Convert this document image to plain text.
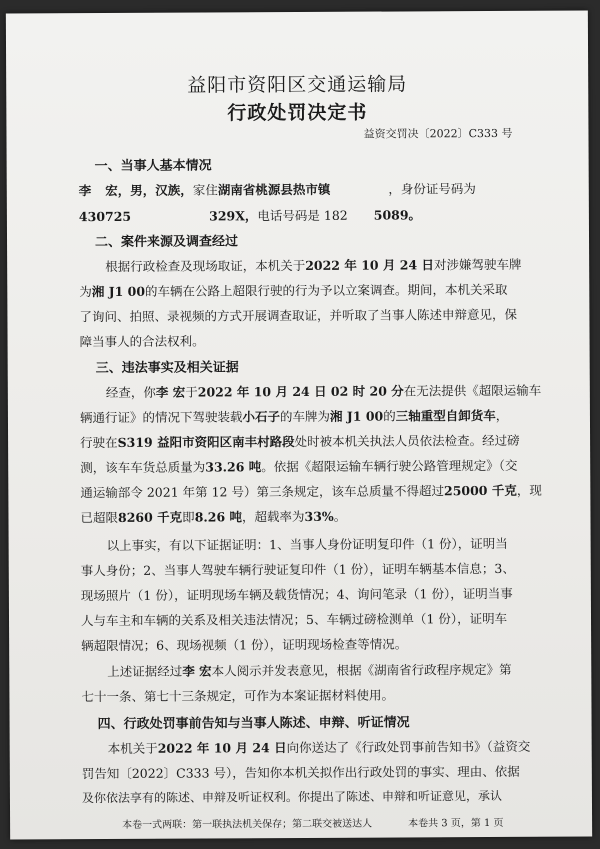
益阳市资阳区交通运输局
行政处罚决定书
益资交罚决〔2022〕C333 号
一、当事人基本情况
李 宏，男，汉族，家住湖南省桃源县热市镇	，身份证号码为
430725	329X，电话号码是 182 5089。
二、案件来源及调查经过
根据行政检查及现场取证，本机关于2022 年 10 月 24 日对涉嫌驾驶车牌
为湘 J1 00的车辆在公路上超限行驶的行为予以立案调查。期间，本机关采取
了询问、拍照、录视频的方式开展调查取证，并听取了当事人陈述申辩意见，保
障当事人的合法权利。
三、违法事实及相关证据
经查，你李 宏于2022 年 10 月 24 日 02 时 20 分在无法提供《超限运输车
辆通行证》的情况下驾驶装载小石子的车牌为湘 J1 00的三轴重型自卸货车，
行驶在S319 益阳市资阳区南丰村路段处时被本机关执法人员依法检查。经过磅
测，该车车货总质量为33.26 吨。依据《超限运输车辆行驶公路管理规定》（交
通运输部令 2021 年第 12 号）第三条规定，该车总质量不得超过25000 千克，现
已超限8260 千克即8.26 吨，超载率为33%。
以上事实，有以下证据证明：1、当事人身份证明复印件（1 份），证明当
事人身份；2、当事人驾驶车辆行驶证复印件（1 份），证明车辆基本信息；3、
现场照片（1 份），证明现场车辆及载货情况；4、询问笔录（1 份），证明当事
人与车主和车辆的关系及相关违法情况；5、车辆过磅检测单（1 份），证明车
辆超限情况；6、现场视频（1 份），证明现场检查等情况。
上述证据经过李 宏本人阅示并发表意见，根据《湖南省行政程序规定》第
七十一条、第七十三条规定，可作为本案证据材料使用。
四、行政处罚事前告知与当事人陈述、申辩、听证情况
本机关于2022 年 10 月 24 日向你送达了《行政处罚事前告知书》（益资交
罚告知〔2022〕C333 号），告知你本机关拟作出行政处罚的事实、理由、依据
及你依法享有的陈述、申辩及听证权利。你提出了陈述、申辩和听证意见，承认
本卷一式两联：第一联执法机关保存；第二联交被送达人	本卷共 3 页，第 1 页
